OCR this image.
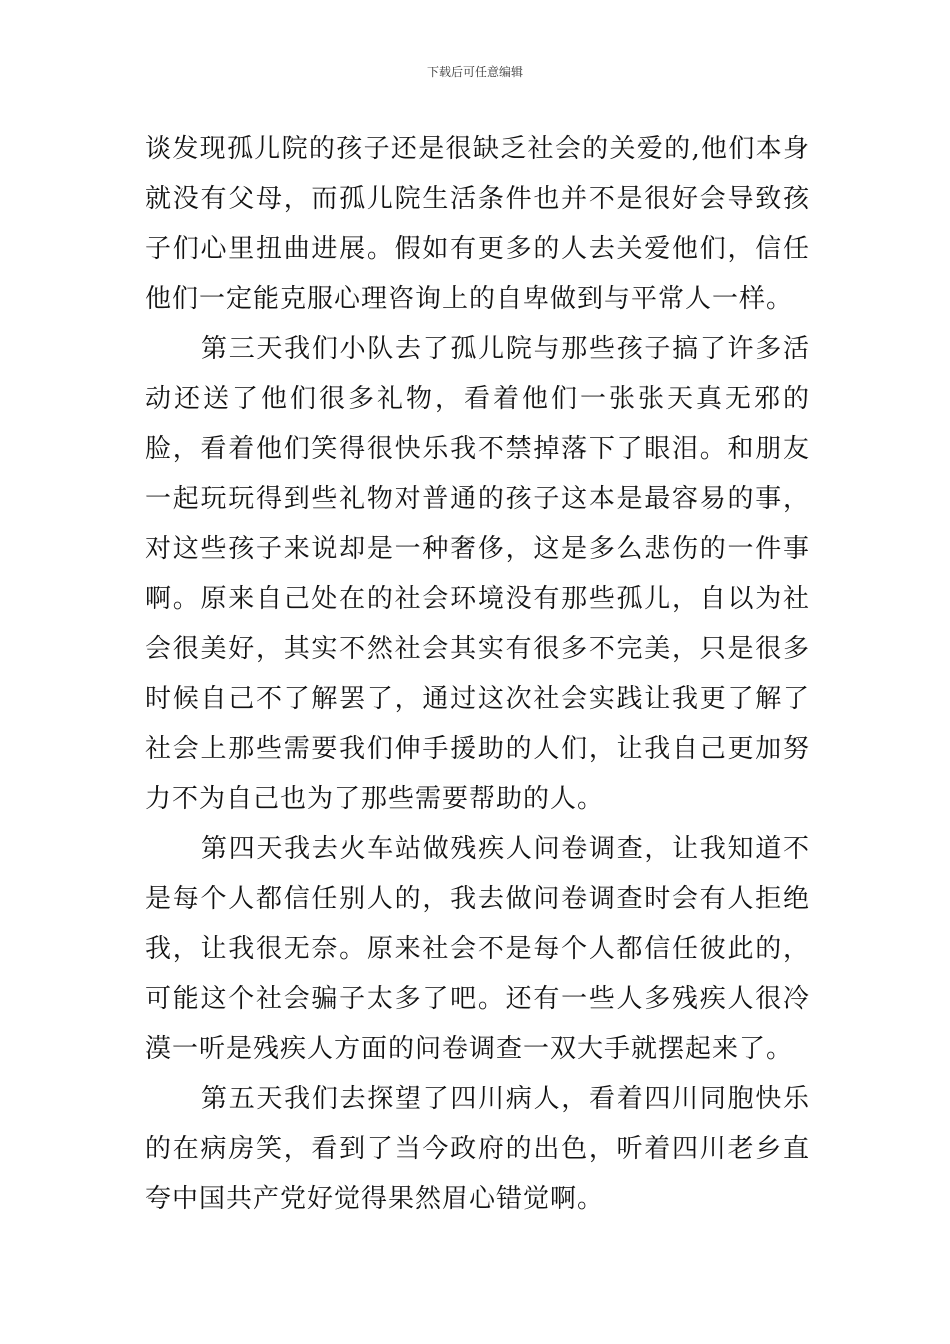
下载后可任意编辑

谈发现孤儿院的孩子还是很缺乏社会的关爱的,他们本身就没有父母，而孤儿院生活条件也并不是很好会导致孩子们心里扭曲进展。假如有更多的人去关爱他们，信任他们一定能克服心理咨询上的自卑做到与平常人一样。

第三天我们小队去了孤儿院与那些孩子搞了许多活动还送了他们很多礼物，看着他们一张张天真无邪的脸，看着他们笑得很快乐我不禁掉落下了眼泪。和朋友一起玩玩得到些礼物对普通的孩子这本是最容易的事，对这些孩子来说却是一种奢侈，这是多么悲伤的一件事啊。原来自己处在的社会环境没有那些孤儿，自以为社会很美好，其实不然社会其实有很多不完美，只是很多时候自己不了解罢了，通过这次社会实践让我更了解了社会上那些需要我们伸手援助的人们，让我自己更加努力不为自己也为了那些需要帮助的人。

第四天我去火车站做残疾人问卷调查，让我知道不是每个人都信任别人的，我去做问卷调查时会有人拒绝我，让我很无奈。原来社会不是每个人都信任彼此的，可能这个社会骗子太多了吧。还有一些人多残疾人很冷漠一听是残疾人方面的问卷调查一双大手就摆起来了。

第五天我们去探望了四川病人，看着四川同胞快乐的在病房笑，看到了当今政府的出色，听着四川老乡直夸中国共产党好觉得果然眉心错觉啊。
